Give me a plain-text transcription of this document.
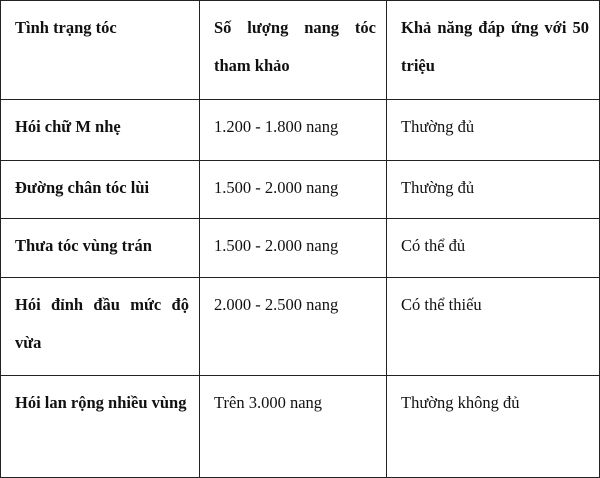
Tình trạng tóc	Số lượng nang tóc tham khảo	Khả năng đáp ứng với 50 triệu
Hói chữ M nhẹ	1.200 - 1.800 nang	Thường đủ
Đường chân tóc lùi	1.500 - 2.000 nang	Thường đủ
Thưa tóc vùng trán	1.500 - 2.000 nang	Có thể đủ
Hói đỉnh đầu mức độ vừa	2.000 - 2.500 nang	Có thể thiếu
Hói lan rộng nhiều vùng	Trên 3.000 nang	Thường không đủ
